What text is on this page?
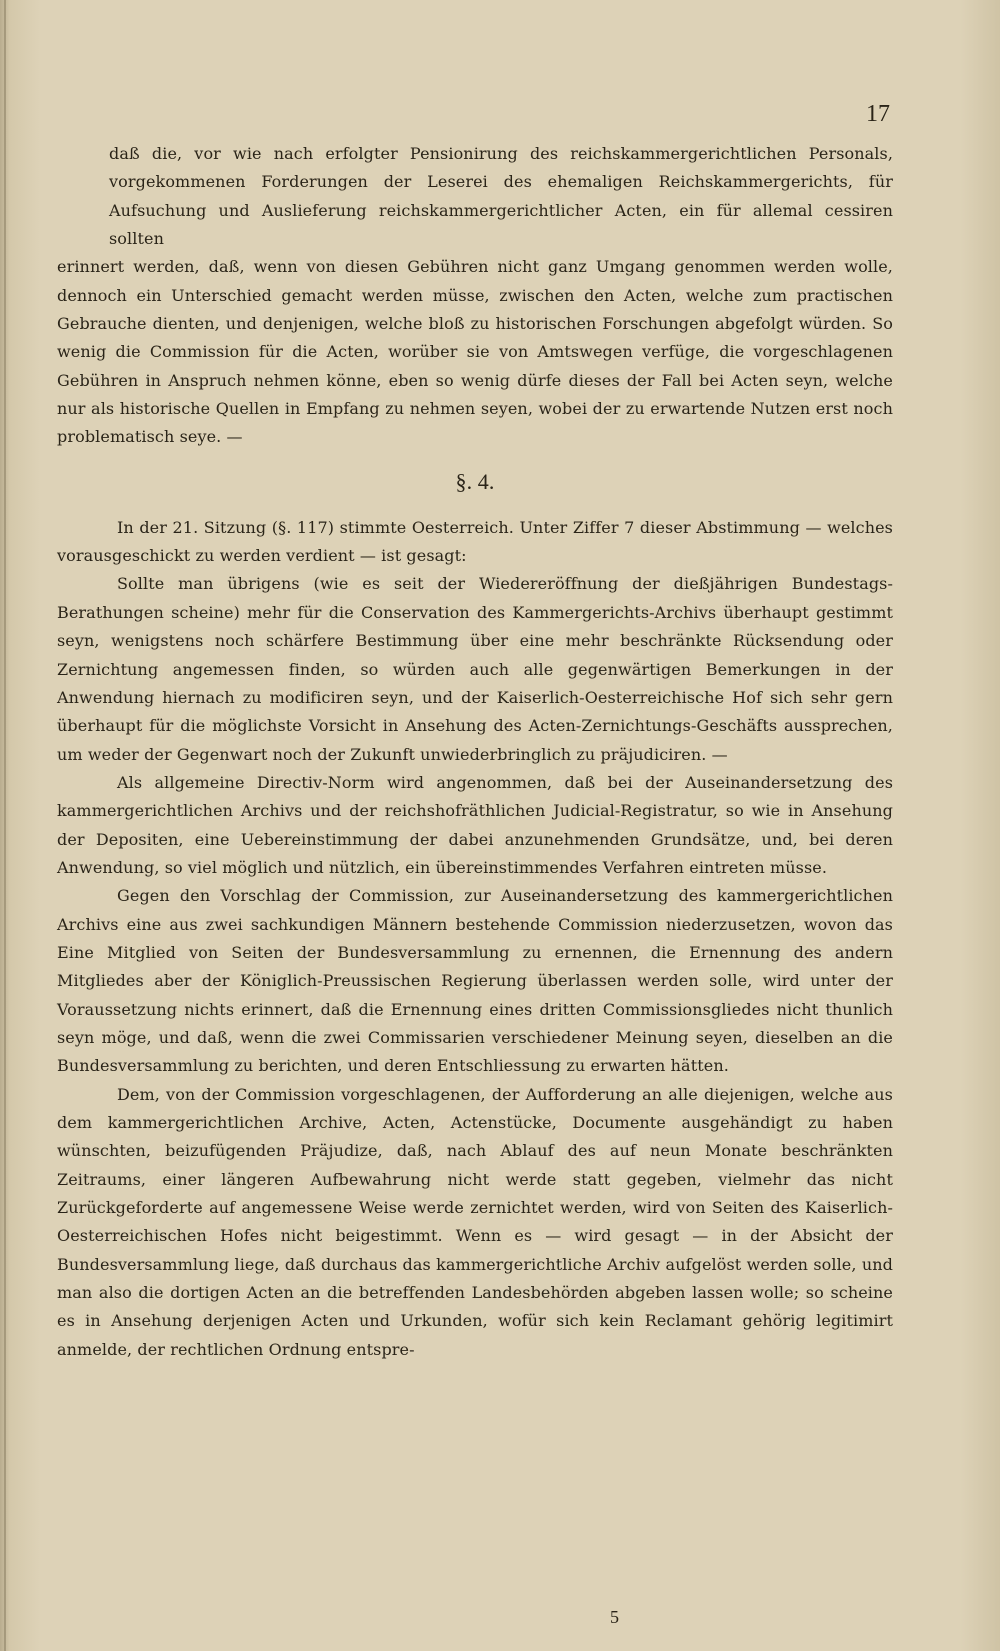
17

daß die, vor wie nach erfolgter Pensionirung des reichskammergerichtlichen Personals, vorgekommenen Forderungen der Leserei des ehemaligen Reichskammergerichts, für Aufsuchung und Auslieferung reichskammergerichtlicher Acten, ein für allemal cessiren sollten

erinnert werden, daß, wenn von diesen Gebühren nicht ganz Umgang genommen werden wolle, dennoch ein Unterschied gemacht werden müsse, zwischen den Acten, welche zum practischen Gebrauche dienten, und denjenigen, welche bloß zu historischen Forschungen abgefolgt würden. So wenig die Commission für die Acten, worüber sie von Amtswegen verfüge, die vorgeschlagenen Gebühren in Anspruch nehmen könne, eben so wenig dürfe dieses der Fall bei Acten seyn, welche nur als historische Quellen in Empfang zu nehmen seyen, wobei der zu erwartende Nutzen erst noch problematisch seye. —

§. 4.

In der 21. Sitzung (§. 117) stimmte Oesterreich. Unter Ziffer 7 dieser Abstimmung — welches vorausgeschickt zu werden verdient — ist gesagt:

Sollte man übrigens (wie es seit der Wiedereröffnung der dießjährigen Bundestags-Berathungen scheine) mehr für die Conservation des Kammergerichts-Archivs überhaupt gestimmt seyn, wenigstens noch schärfere Bestimmung über eine mehr beschränkte Rücksendung oder Zernichtung angemessen finden, so würden auch alle gegenwärtigen Bemerkungen in der Anwendung hiernach zu modificiren seyn, und der Kaiserlich-Oesterreichische Hof sich sehr gern überhaupt für die möglichste Vorsicht in Ansehung des Acten-Zernichtungs-Geschäfts aussprechen, um weder der Gegenwart noch der Zukunft unwiederbringlich zu präjudiciren. —

Als allgemeine Directiv-Norm wird angenommen, daß bei der Auseinandersetzung des kammergerichtlichen Archivs und der reichshofräthlichen Judicial-Registratur, so wie in Ansehung der Depositen, eine Uebereinstimmung der dabei anzunehmenden Grundsätze, und, bei deren Anwendung, so viel möglich und nützlich, ein übereinstimmendes Verfahren eintreten müsse.

Gegen den Vorschlag der Commission, zur Auseinandersetzung des kammergerichtlichen Archivs eine aus zwei sachkundigen Männern bestehende Commission niederzusetzen, wovon das Eine Mitglied von Seiten der Bundesversammlung zu ernennen, die Ernennung des andern Mitgliedes aber der Königlich-Preussischen Regierung überlassen werden solle, wird unter der Voraussetzung nichts erinnert, daß die Ernennung eines dritten Commissionsgliedes nicht thunlich seyn möge, und daß, wenn die zwei Commissarien verschiedener Meinung seyen, dieselben an die Bundesversammlung zu berichten, und deren Entschliessung zu erwarten hätten.

Dem, von der Commission vorgeschlagenen, der Aufforderung an alle diejenigen, welche aus dem kammergerichtlichen Archive, Acten, Actenstücke, Documente ausgehändigt zu haben wünschten, beizufügenden Präjudize, daß, nach Ablauf des auf neun Monate beschränkten Zeitraums, einer längeren Aufbewahrung nicht werde statt gegeben, vielmehr das nicht Zurückgeforderte auf angemessene Weise werde zernichtet werden, wird von Seiten des Kaiserlich-Oesterreichischen Hofes nicht beigestimmt. Wenn es — wird gesagt — in der Absicht der Bundesversammlung liege, daß durchaus das kammergerichtliche Archiv aufgelöst werden solle, und man also die dortigen Acten an die betreffenden Landesbehörden abgeben lassen wolle; so scheine es in Ansehung derjenigen Acten und Urkunden, wofür sich kein Reclamant gehörig legitimirt anmelde, der rechtlichen Ordnung entspre-

5
